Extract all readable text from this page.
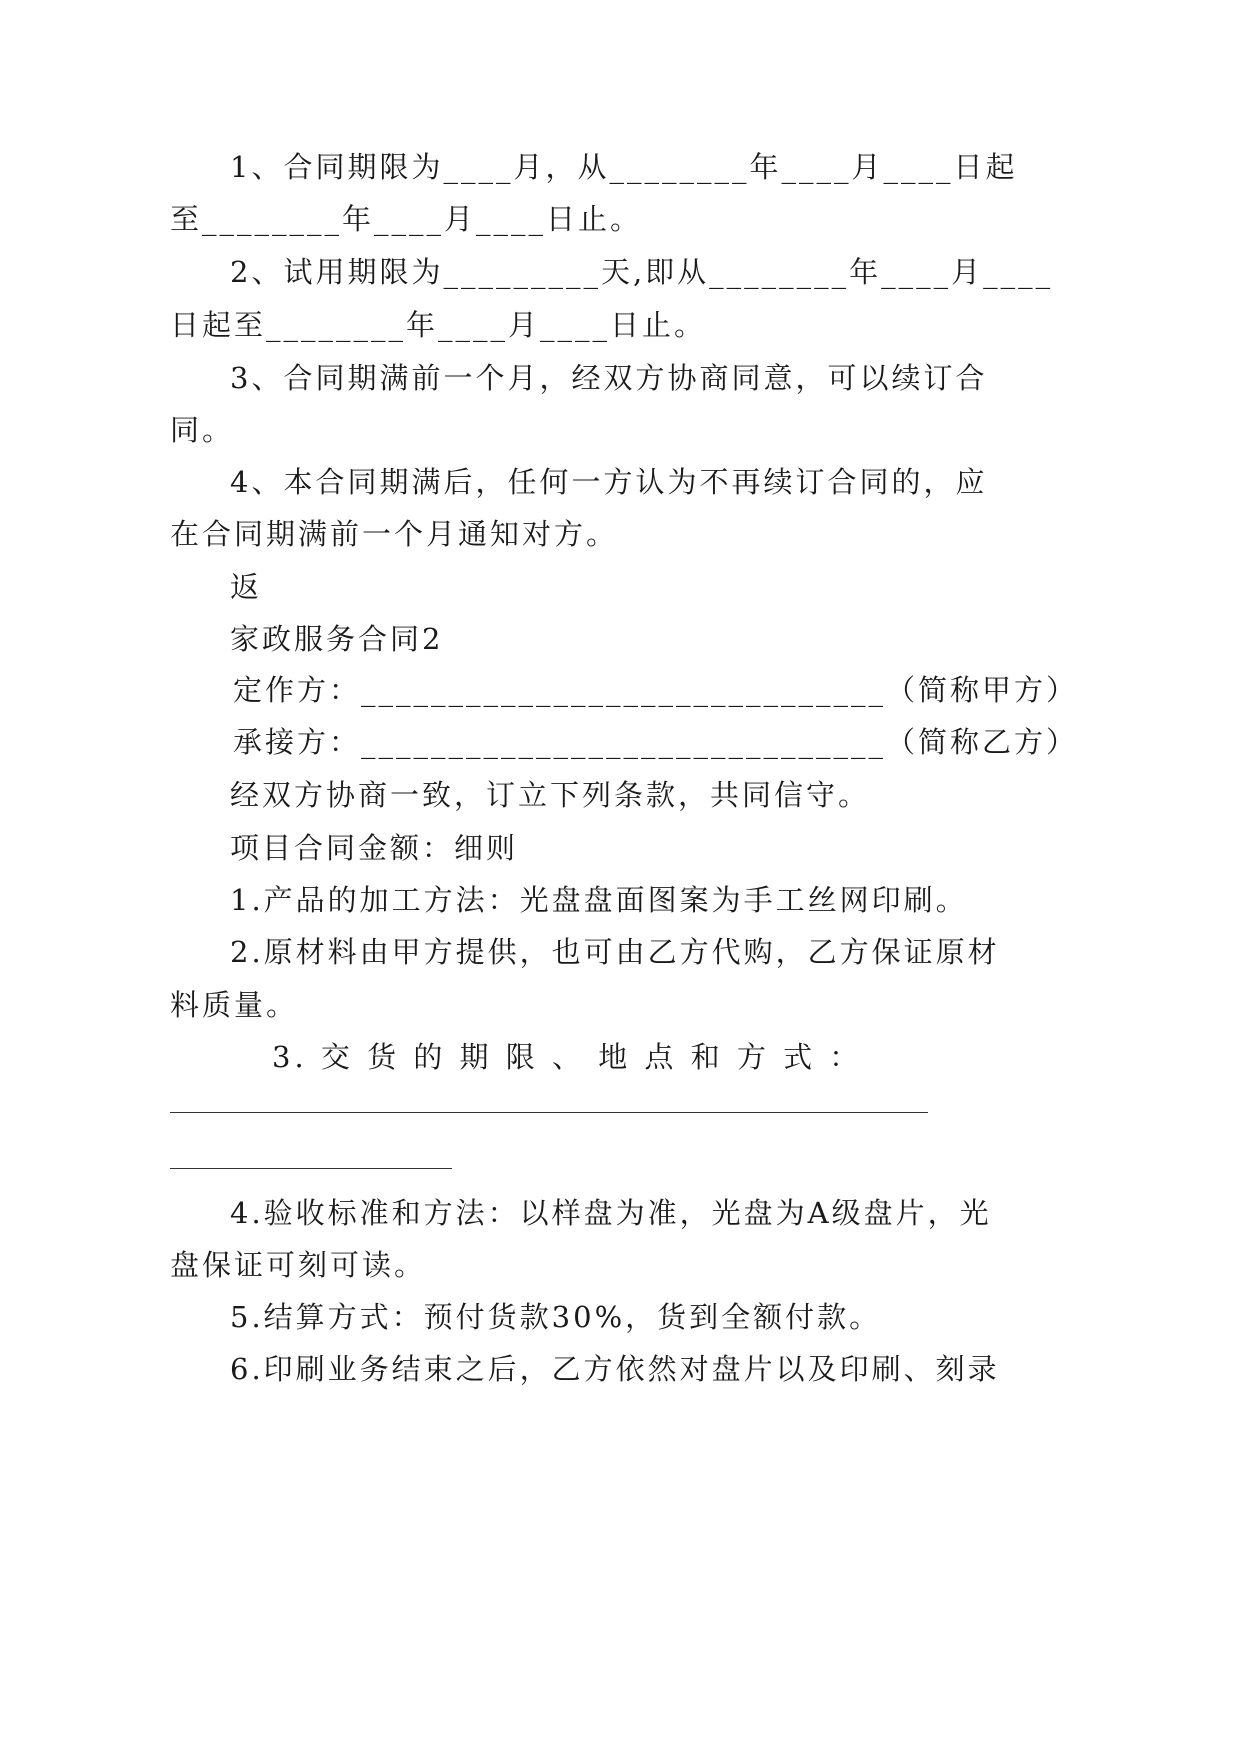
1、合同期限为____月，从________年____月____日起
至________年____月____日止。
2、试用期限为_________天,即从________年____月____
日起至________年____月____日止。
3、合同期满前一个月，经双方协商同意，可以续订合
同。
4、本合同期满后，任何一方认为不再续订合同的，应
在合同期满前一个月通知对方。
返
家政服务合同2
定作方：______________________________（简称甲方）
承接方：______________________________（简称乙方）
经双方协商一致，订立下列条款，共同信守。
项目合同金额：细则
1.产品的加工方法：光盘盘面图案为手工丝网印刷。
2.原材料由甲方提供，也可由乙方代购，乙方保证原材
料质量。
3. 交 货 的 期 限 、 地 点 和 方 式 ：
4.验收标准和方法：以样盘为准，光盘为A级盘片，光
盘保证可刻可读。
5.结算方式：预付货款30%，货到全额付款。
6.印刷业务结束之后，乙方依然对盘片以及印刷、刻录
